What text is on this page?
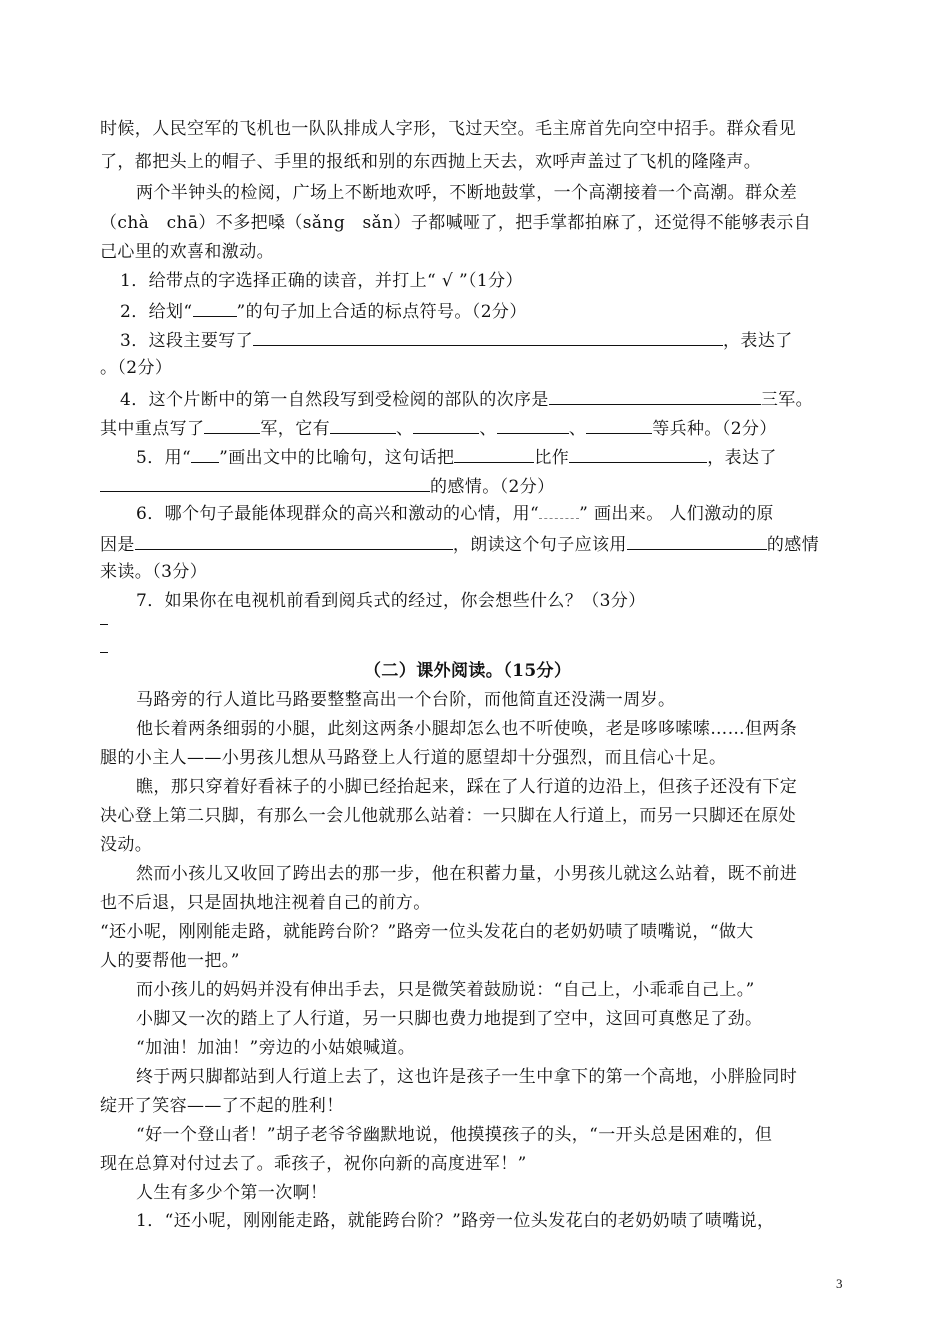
时候，人民空军的飞机也一队队排成人字形，飞过天空。毛主席首先向空中招手。群众看见
了，都把头上的帽子、手里的报纸和别的东西抛上天去，欢呼声盖过了飞机的隆隆声。
两个半钟头的检阅，广场上不断地欢呼，不断地鼓掌，一个高潮接着一个高潮。群众差
（chà　chā）不多把嗓（sǎng　sǎn）子都喊哑了，把手掌都拍麻了，还觉得不能够表示自
己心里的欢喜和激动。
1．给带点的字选择正确的读音，并打上“ √ ”（1分）
2．给划“	”的句子加上合适的标点符号。（2分）
3．这段主要写了	，表达了
。（2分）
4．这个片断中的第一自然段写到受检阅的部队的次序是	三军。
其中重点写了	军，它有	、	、	、	等兵种。（2分）
5．用“ ”画出文中的比喻句，这句话把	比作	，表达了
的感情。（2分）
6．哪个句子最能体现群众的高兴和激动的心情，用“ ” 画出来。 人们激动的原
因是	，朗读这个句子应该用	的感情
来读。（3分）
7．如果你在电视机前看到阅兵式的经过，你会想些什么？（3分）
（二）课外阅读。（15分）
马路旁的行人道比马路要整整高出一个台阶，而他简直还没满一周岁。
他长着两条细弱的小腿，此刻这两条小腿却怎么也不听使唤，老是哆哆嗦嗦……但两条
腿的小主人——小男孩儿想从马路登上人行道的愿望却十分强烈，而且信心十足。
瞧，那只穿着好看袜子的小脚已经抬起来，踩在了人行道的边沿上，但孩子还没有下定
决心登上第二只脚，有那么一会儿他就那么站着：一只脚在人行道上，而另一只脚还在原处
没动。
然而小孩儿又收回了跨出去的那一步，他在积蓄力量，小男孩儿就这么站着，既不前进
也不后退，只是固执地注视着自己的前方。
“还小呢，刚刚能走路，就能跨台阶？”路旁一位头发花白的老奶奶啧了啧嘴说，“做大
人的要帮他一把。”
而小孩儿的妈妈并没有伸出手去，只是微笑着鼓励说：“自己上，小乖乖自己上。”
小脚又一次的踏上了人行道，另一只脚也费力地提到了空中，这回可真憋足了劲。
“加油！加油！”旁边的小姑娘喊道。
终于两只脚都站到人行道上去了，这也许是孩子一生中拿下的第一个高地，小胖脸同时
绽开了笑容——了不起的胜利！
“好一个登山者！”胡子老爷爷幽默地说，他摸摸孩子的头，“一开头总是困难的，但
现在总算对付过去了。乖孩子，祝你向新的高度进军！”
人生有多少个第一次啊！
1．“还小呢，刚刚能走路，就能跨台阶？”路旁一位头发花白的老奶奶啧了啧嘴说，
3
